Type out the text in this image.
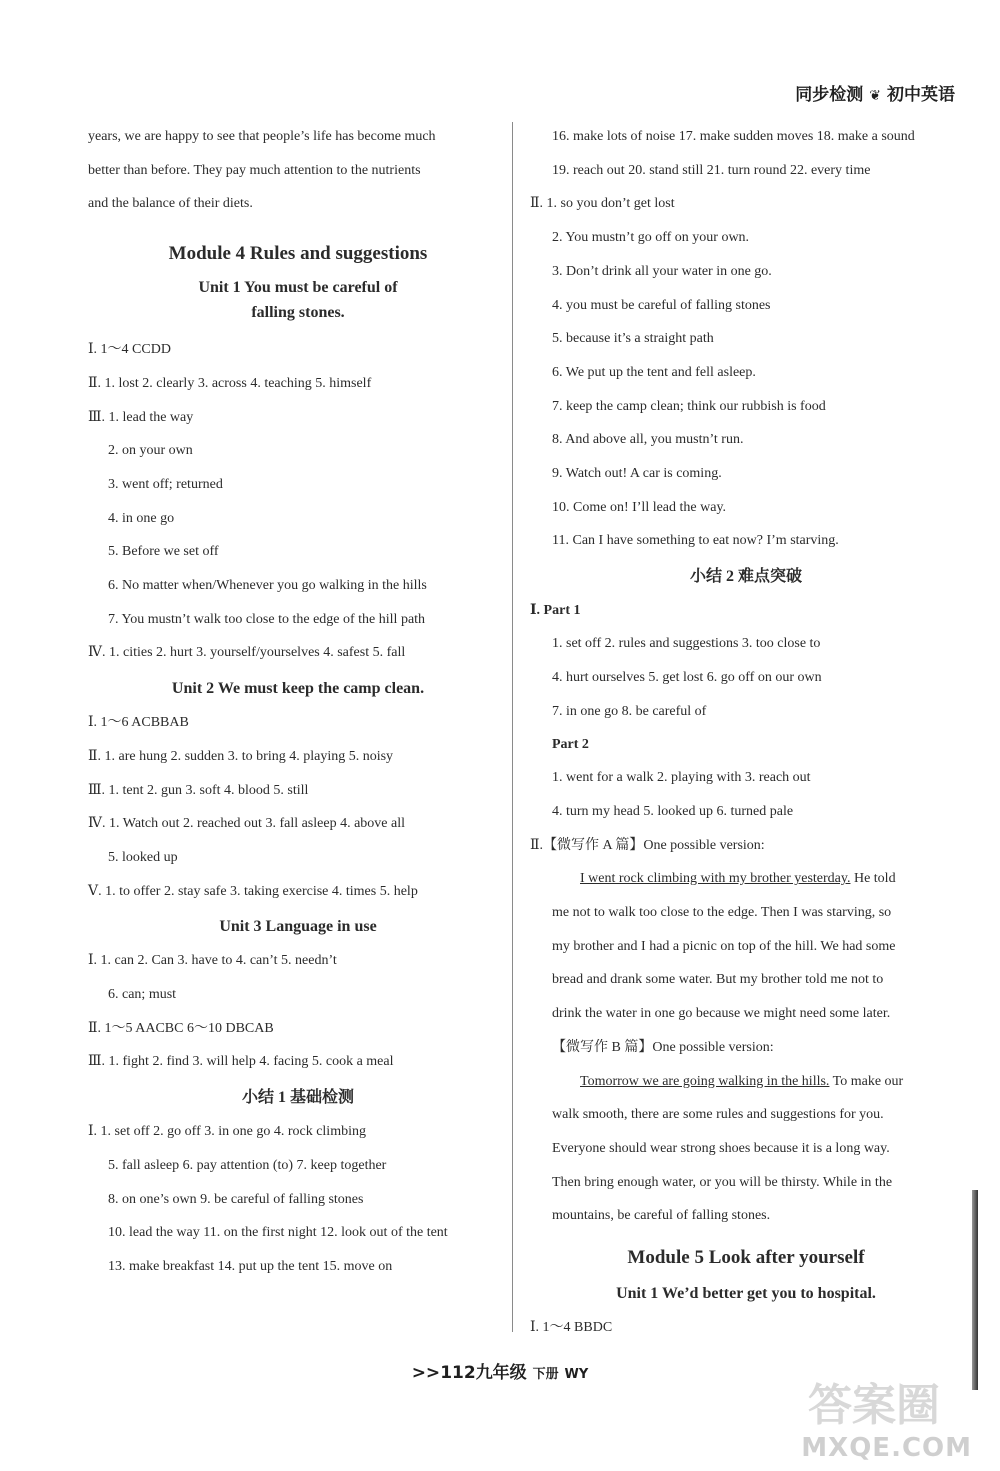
同步检测 ❦ 初中英语

years, we are happy to see that people’s life has become much

better than before. They pay much attention to the nutrients

and the balance of their diets.

Module 4 Rules and suggestions
Unit 1 You must be careful of
falling stones.

Ⅰ. 1～4 CCDD

Ⅱ. 1. lost 2. clearly 3. across 4. teaching 5. himself

Ⅲ. 1. lead the way

2. on your own

3. went off; returned

4. in one go

5. Before we set off

6. No matter when/Whenever you go walking in the hills

7. You mustn’t walk too close to the edge of the hill path

Ⅳ. 1. cities 2. hurt 3. yourself/yourselves 4. safest 5. fall

Unit 2 We must keep the camp clean.

Ⅰ. 1～6 ACBBAB

Ⅱ. 1. are hung 2. sudden 3. to bring 4. playing 5. noisy

Ⅲ. 1. tent 2. gun 3. soft 4. blood 5. still

Ⅳ. 1. Watch out 2. reached out 3. fall asleep 4. above all

5. looked up

Ⅴ. 1. to offer 2. stay safe 3. taking exercise 4. times 5. help

Unit 3 Language in use

Ⅰ. 1. can 2. Can 3. have to 4. can’t 5. needn’t

6. can; must

Ⅱ. 1～5 AACBC 6～10 DBCAB

Ⅲ. 1. fight 2. find 3. will help 4. facing 5. cook a meal

小结 1 基础检测

Ⅰ. 1. set off 2. go off 3. in one go 4. rock climbing

5. fall asleep 6. pay attention (to) 7. keep together

8. on one’s own 9. be careful of falling stones

10. lead the way 11. on the first night 12. look out of the tent

13. make breakfast 14. put up the tent 15. move on

16. make lots of noise 17. make sudden moves 18. make a sound

19. reach out 20. stand still 21. turn round 22. every time

Ⅱ. 1. so you don’t get lost

2. You mustn’t go off on your own.

3. Don’t drink all your water in one go.

4. you must be careful of falling stones

5. because it’s a straight path

6. We put up the tent and fell asleep.

7. keep the camp clean; think our rubbish is food

8. And above all, you mustn’t run.

9. Watch out! A car is coming.

10. Come on! I’ll lead the way.

11. Can I have something to eat now? I’m starving.

小结 2 难点突破

Ⅰ. Part 1

1. set off 2. rules and suggestions 3. too close to

4. hurt ourselves 5. get lost 6. go off on our own

7. in one go 8. be careful of

Part 2

1. went for a walk 2. playing with 3. reach out

4. turn my head 5. looked up 6. turned pale

Ⅱ.【微写作 A 篇】One possible version:

I went rock climbing with my brother yesterday. He told

me not to walk too close to the edge. Then I was starving, so

my brother and I had a picnic on top of the hill. We had some

bread and drank some water. But my brother told me not to

drink the water in one go because we might need some later.

【微写作 B 篇】One possible version:

Tomorrow we are going walking in the hills. To make our

walk smooth, there are some rules and suggestions for you.

Everyone should wear strong shoes because it is a long way.

Then bring enough water, or you will be thirsty. While in the

mountains, be careful of falling stones.

Module 5 Look after yourself
Unit 1 We’d better get you to hospital.

Ⅰ. 1～4 BBDC

>>112九年级 下册 WY
答案圈
MXQE.COM
